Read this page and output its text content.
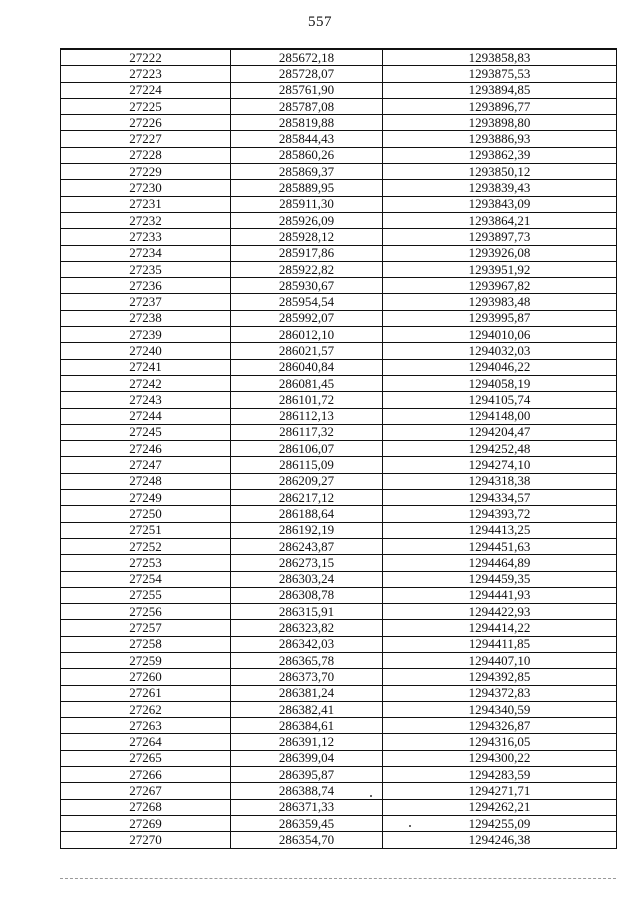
557
27222	285672,18	1293858,83
27223	285728,07	1293875,53
27224	285761,90	1293894,85
27225	285787,08	1293896,77
27226	285819,88	1293898,80
27227	285844,43	1293886,93
27228	285860,26	1293862,39
27229	285869,37	1293850,12
27230	285889,95	1293839,43
27231	285911,30	1293843,09
27232	285926,09	1293864,21
27233	285928,12	1293897,73
27234	285917,86	1293926,08
27235	285922,82	1293951,92
27236	285930,67	1293967,82
27237	285954,54	1293983,48
27238	285992,07	1293995,87
27239	286012,10	1294010,06
27240	286021,57	1294032,03
27241	286040,84	1294046,22
27242	286081,45	1294058,19
27243	286101,72	1294105,74
27244	286112,13	1294148,00
27245	286117,32	1294204,47
27246	286106,07	1294252,48
27247	286115,09	1294274,10
27248	286209,27	1294318,38
27249	286217,12	1294334,57
27250	286188,64	1294393,72
27251	286192,19	1294413,25
27252	286243,87	1294451,63
27253	286273,15	1294464,89
27254	286303,24	1294459,35
27255	286308,78	1294441,93
27256	286315,91	1294422,93
27257	286323,82	1294414,22
27258	286342,03	1294411,85
27259	286365,78	1294407,10
27260	286373,70	1294392,85
27261	286381,24	1294372,83
27262	286382,41	1294340,59
27263	286384,61	1294326,87
27264	286391,12	1294316,05
27265	286399,04	1294300,22
27266	286395,87	1294283,59
27267	286388,74	1294271,71
27268	286371,33	1294262,21
27269	286359,45	1294255,09
27270	286354,70	1294246,38
